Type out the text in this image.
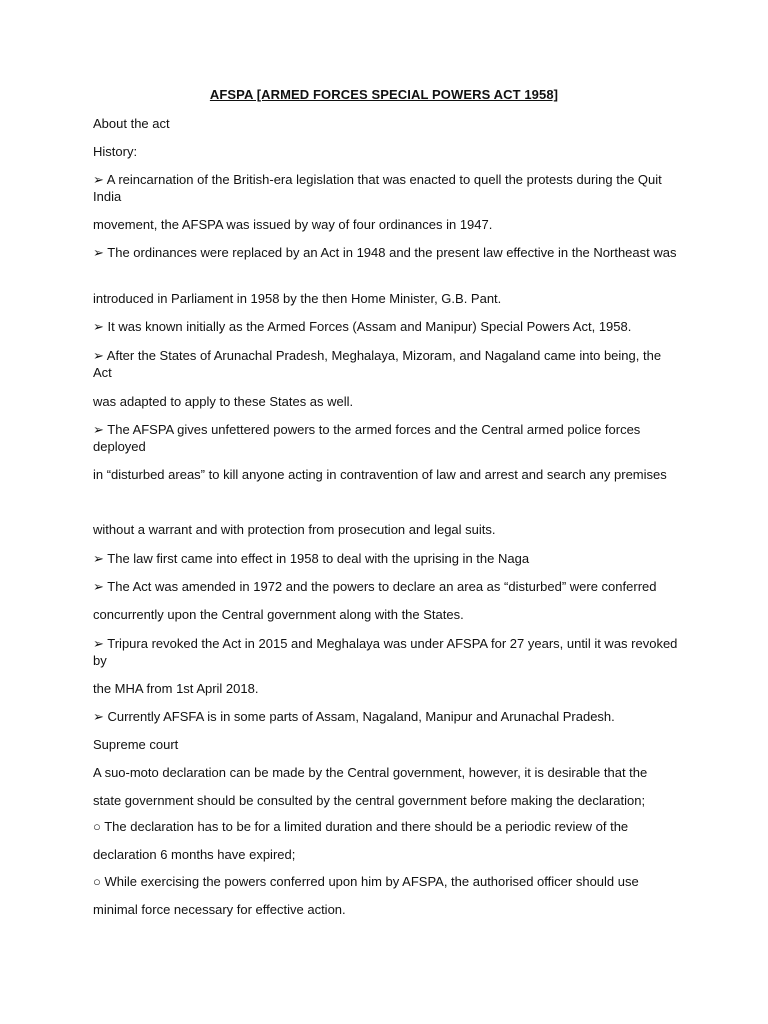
AFSPA [ARMED FORCES SPECIAL POWERS ACT 1958]
About the act
History:
➢ A reincarnation of the British-era legislation that was enacted to quell the protests during the Quit India
movement, the AFSPA was issued by way of four ordinances in 1947.
➢ The ordinances were replaced by an Act in 1948 and the present law effective in the Northeast was
introduced in Parliament in 1958 by the then Home Minister, G.B. Pant.
➢ It was known initially as the Armed Forces (Assam and Manipur) Special Powers Act, 1958.
➢ After the States of Arunachal Pradesh, Meghalaya, Mizoram, and Nagaland came into being, the Act
was adapted to apply to these States as well.
➢ The AFSPA gives unfettered powers to the armed forces and the Central armed police forces deployed
in “disturbed areas” to kill anyone acting in contravention of law and arrest and search any premises
without a warrant and with protection from prosecution and legal suits.
➢ The law first came into effect in 1958 to deal with the uprising in the Naga
➢ The Act was amended in 1972 and the powers to declare an area as “disturbed” were conferred
concurrently upon the Central government along with the States.
➢ Tripura revoked the Act in 2015 and Meghalaya was under AFSPA for 27 years, until it was revoked by
the MHA from 1st April 2018.
➢ Currently AFSFA is in some parts of Assam, Nagaland, Manipur and Arunachal Pradesh.
Supreme court
A suo-moto declaration can be made by the Central government, however, it is desirable that the
state government should be consulted by the central government before making the declaration;
○ The declaration has to be for a limited duration and there should be a periodic review of the
declaration 6 months have expired;
○ While exercising the powers conferred upon him by AFSPA, the authorised officer should use
minimal force necessary for effective action.
